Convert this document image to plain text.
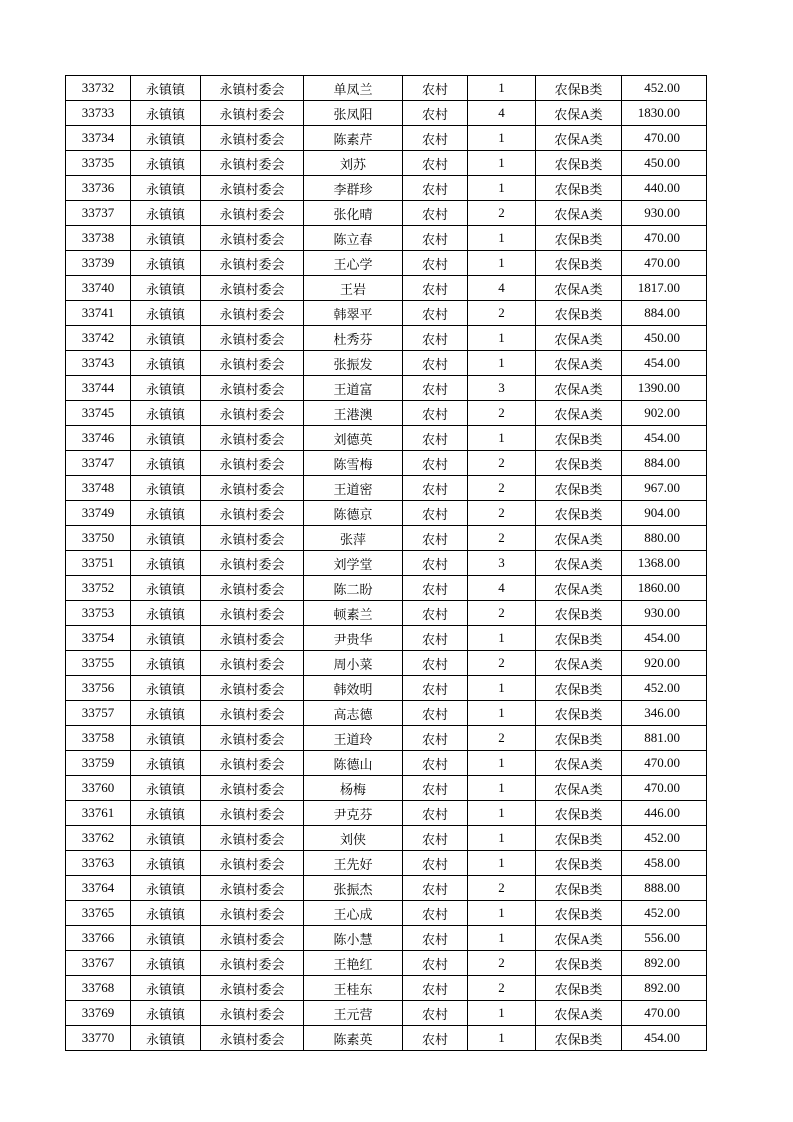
33732	永镇镇	永镇村委会	单凤兰	农村	1	农保B类	452.00
33733	永镇镇	永镇村委会	张凤阳	农村	4	农保A类	1830.00
33734	永镇镇	永镇村委会	陈素芹	农村	1	农保A类	470.00
33735	永镇镇	永镇村委会	刘苏	农村	1	农保B类	450.00
33736	永镇镇	永镇村委会	李群珍	农村	1	农保B类	440.00
33737	永镇镇	永镇村委会	张化晴	农村	2	农保A类	930.00
33738	永镇镇	永镇村委会	陈立春	农村	1	农保B类	470.00
33739	永镇镇	永镇村委会	王心学	农村	1	农保B类	470.00
33740	永镇镇	永镇村委会	王岩	农村	4	农保A类	1817.00
33741	永镇镇	永镇村委会	韩翠平	农村	2	农保B类	884.00
33742	永镇镇	永镇村委会	杜秀芬	农村	1	农保A类	450.00
33743	永镇镇	永镇村委会	张振发	农村	1	农保A类	454.00
33744	永镇镇	永镇村委会	王道富	农村	3	农保A类	1390.00
33745	永镇镇	永镇村委会	王港澳	农村	2	农保A类	902.00
33746	永镇镇	永镇村委会	刘德英	农村	1	农保B类	454.00
33747	永镇镇	永镇村委会	陈雪梅	农村	2	农保B类	884.00
33748	永镇镇	永镇村委会	王道密	农村	2	农保B类	967.00
33749	永镇镇	永镇村委会	陈德京	农村	2	农保B类	904.00
33750	永镇镇	永镇村委会	张萍	农村	2	农保A类	880.00
33751	永镇镇	永镇村委会	刘学堂	农村	3	农保A类	1368.00
33752	永镇镇	永镇村委会	陈二盼	农村	4	农保A类	1860.00
33753	永镇镇	永镇村委会	顿素兰	农村	2	农保B类	930.00
33754	永镇镇	永镇村委会	尹贵华	农村	1	农保B类	454.00
33755	永镇镇	永镇村委会	周小菜	农村	2	农保A类	920.00
33756	永镇镇	永镇村委会	韩效明	农村	1	农保B类	452.00
33757	永镇镇	永镇村委会	高志德	农村	1	农保B类	346.00
33758	永镇镇	永镇村委会	王道玲	农村	2	农保B类	881.00
33759	永镇镇	永镇村委会	陈德山	农村	1	农保A类	470.00
33760	永镇镇	永镇村委会	杨梅	农村	1	农保A类	470.00
33761	永镇镇	永镇村委会	尹克芬	农村	1	农保B类	446.00
33762	永镇镇	永镇村委会	刘侠	农村	1	农保B类	452.00
33763	永镇镇	永镇村委会	王先好	农村	1	农保B类	458.00
33764	永镇镇	永镇村委会	张振杰	农村	2	农保B类	888.00
33765	永镇镇	永镇村委会	王心成	农村	1	农保B类	452.00
33766	永镇镇	永镇村委会	陈小慧	农村	1	农保A类	556.00
33767	永镇镇	永镇村委会	王艳红	农村	2	农保B类	892.00
33768	永镇镇	永镇村委会	王桂东	农村	2	农保B类	892.00
33769	永镇镇	永镇村委会	王元营	农村	1	农保A类	470.00
33770	永镇镇	永镇村委会	陈素英	农村	1	农保B类	454.00
